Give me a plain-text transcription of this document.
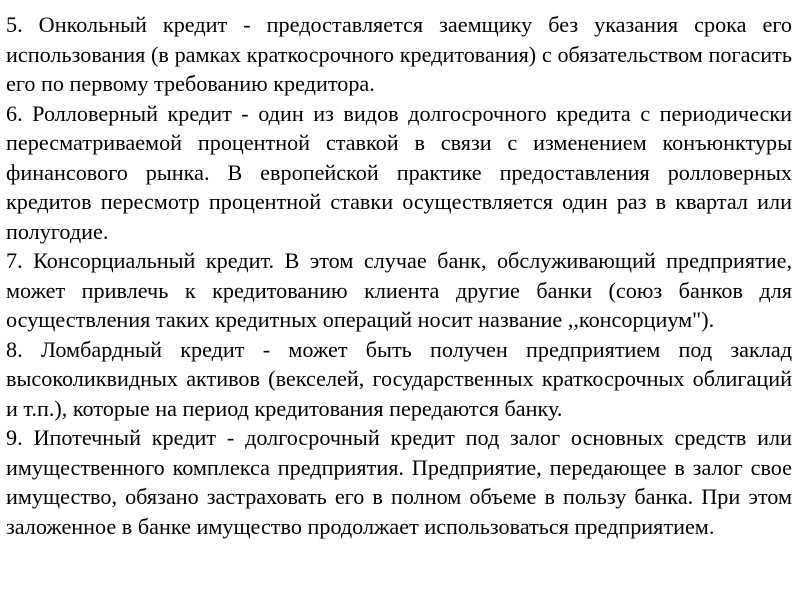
5. Онкольный кредит - предоставляется заемщику без указания срока его использования (в рамках краткосрочного кредитования) с обязательством погасить его по первому требованию кредитора.

6. Ролловерный кредит - один из видов долгосрочного кредита с периодически пересматриваемой процентной ставкой в связи с изменением конъюнктуры финансового рынка. В европейской практике предоставления ролловерных кредитов пересмотр процентной ставки осуществляется один раз в квартал или полугодие.

7. Консорциальный кредит. В этом случае банк, обслуживающий предприятие, может привлечь к кредитованию клиента другие банки (союз банков для осуществления таких кредитных операций носит название ,,консорциум").

8. Ломбардный кредит - может быть получен предприятием под заклад высоколиквидных активов (векселей, государственных краткосрочных облигаций и т.п.), которые на период кредитования передаются банку.

9. Ипотечный кредит - долгосрочный кредит под залог основных средств или имущественного комплекса предприятия. Предприятие, передающее в залог свое имущество, обязано застраховать его в полном объеме в пользу банка. При этом заложенное в банке имущество продолжает использоваться предприятием.
